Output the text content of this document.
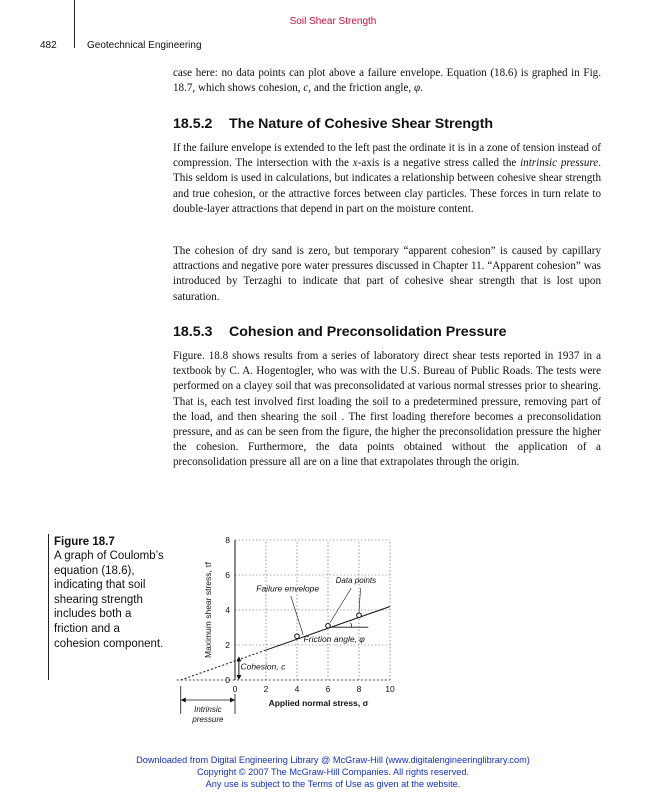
Soil Shear Strength
482	Geotechnical Engineering
case here: no data points can plot above a failure envelope. Equation (18.6) is graphed in Fig. 18.7, which shows cohesion, c, and the friction angle, φ.
18.5.2 The Nature of Cohesive Shear Strength
If the failure envelope is extended to the left past the ordinate it is in a zone of tension instead of compression. The intersection with the x-axis is a negative stress called the intrinsic pressure. This seldom is used in calculations, but indicates a relationship between cohesive shear strength and true cohesion, or the attractive forces between clay particles. These forces in turn relate to double-layer attractions that depend in part on the moisture content.
The cohesion of dry sand is zero, but temporary “apparent cohesion” is caused by capillary attractions and negative pore water pressures discussed in Chapter 11. “Apparent cohesion” was introduced by Terzaghi to indicate that part of cohesive shear strength that is lost upon saturation.
18.5.3 Cohesion and Preconsolidation Pressure
Figure. 18.8 shows results from a series of laboratory direct shear tests reported in 1937 in a textbook by C. A. Hogentogler, who was with the U.S. Bureau of Public Roads. The tests were performed on a clayey soil that was preconsolidated at various normal stresses prior to shearing. That is, each test involved first loading the soil to a predetermined pressure, removing part of the load, and then shearing the soil . The first loading therefore becomes a preconsolidation pressure, and as can be seen from the figure, the higher the preconsolidation pressure the higher the cohesion. Furthermore, the data points obtained without the application of a preconsolidation pressure all are on a line that extrapolates through the origin.
Figure 18.7
A graph of Coulomb’s equation (18.6), indicating that soil shearing strength includes both a friction and a cohesion component.
0	2	4	6	8	10
0
2
4
6
8
Applied normal stress, σ
Maximum shear stress, τf	Friction angle, φ
Failure envelope
Data points
Cohesion, c
Intrinsic
pressure
Downloaded from Digital Engineering Library @ McGraw-Hill (www.digitalengineeringlibrary.com)
Copyright © 2007 The McGraw-Hill Companies. All rights reserved.
Any use is subject to the Terms of Use as given at the website.
